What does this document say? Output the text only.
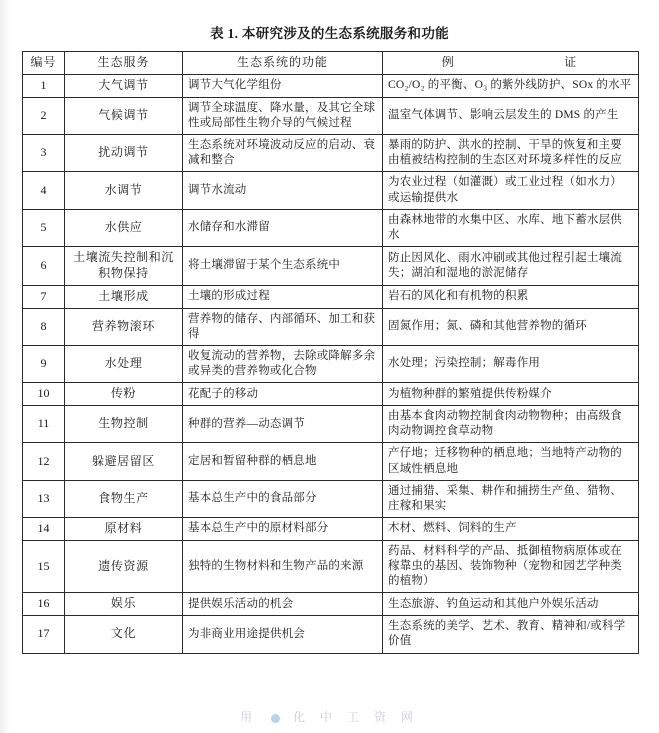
表 1. 本研究涉及的生态系统服务和功能
编号	生态服务	生态系统的功能	例 证

1	大气调节	调节大气化学组份	CO₂/O₂ 的平衡、O₃ 的紫外线防护、SOx 的水平
2	气候调节	调节全球温度、降水量，及其它全球性或局部性生物介导的气候过程	温室气体调节、影响云层发生的 DMS 的产生
3	扰动调节	生态系统对环境波动反应的启动、衰减和整合	暴雨的防护、洪水的控制、干旱的恢复和主要由植被结构控制的生态区对环境多样性的反应
4	水调节	调节水流动	为农业过程（如灌溉）或工业过程（如水力）或运输提供水
5	水供应	水储存和水滞留	由森林地带的水集中区、水库、地下蓄水层供水
6	土壤流失控制和沉积物保持	将土壤滞留于某个生态系统中	防止因风化、雨水冲刷或其他过程引起土壤流失；湖泊和湿地的淤泥储存
7	土壤形成	土壤的形成过程	岩石的风化和有机物的积累
8	营养物滚环	营养物的储存、内部循环、加工和获得	固氮作用；氮、磷和其他营养物的循环
9	水处理	收复流动的营养物，去除或降解多余或异类的营养物或化合物	水处理；污染控制；解毒作用
10	传粉	花配子的移动	为植物种群的繁殖提供传粉媒介
11	生物控制	种群的营养—动态调节	由基本食肉动物控制食肉动物物种；由高级食肉动物调控食草动物
12	躲避居留区	定居和暂留种群的栖息地	产仔地；迁移物种的栖息地；当地特产动物的区域性栖息地
13	食物生产	基本总生产中的食品部分	通过捕猎、采集、耕作和捕捞生产鱼、猎物、庄稼和果实
14	原材料	基本总生产中的原材料部分	木材、燃料、饲料的生产
15	遗传资源	独特的生物材料和生物产品的来源	药品、材料科学的产品、抵御植物病原体或在稼靠虫的基因、装饰物种（宠物和园艺学种类的植物）
16	娱乐	提供娱乐活动的机会	生态旅游、钓鱼运动和其他户外娱乐活动
17	文化	为非商业用途提供机会	生态系统的美学、艺术、教育、精神和/或科学价值
用	化 中 工 资 网
